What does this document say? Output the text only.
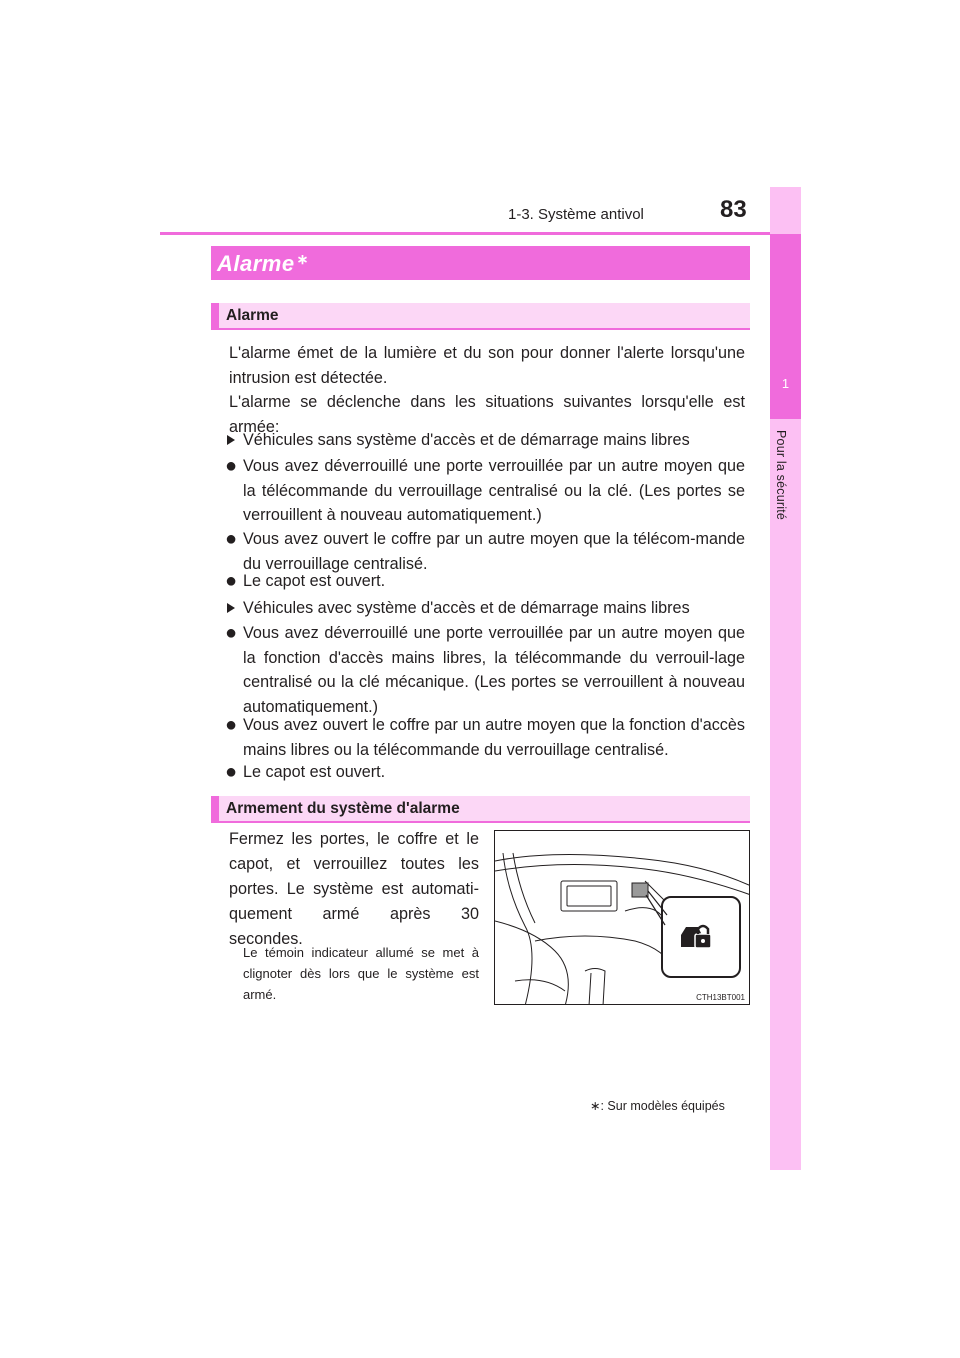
1-3. Système antivol	83
1
Pour la sécurité
Alarme ∗
Alarme
L'alarme émet de la lumière et du son pour donner l'alerte lorsqu'une intrusion est détectée.
L'alarme se déclenche dans les situations suivantes lorsqu'elle est armée:
Véhicules sans système d'accès et de démarrage mains libres
● Vous avez déverrouillé une porte verrouillée par un autre moyen que la télécommande du verrouillage centralisé ou la clé. (Les portes se verrouillent à nouveau automatiquement.)
● Vous avez ouvert le coffre par un autre moyen que la télécom-mande du verrouillage centralisé.
● Le capot est ouvert.
Véhicules avec système d'accès et de démarrage mains libres
● Vous avez déverrouillé une porte verrouillée par un autre moyen que la fonction d'accès mains libres, la télécommande du verrouil-lage centralisé ou la clé mécanique. (Les portes se verrouillent à nouveau automatiquement.)
● Vous avez ouvert le coffre par un autre moyen que la fonction d'accès mains libres ou la télécommande du verrouillage centralisé.
● Le capot est ouvert.
Armement du système d'alarme
Fermez les portes, le coffre et le capot, et verrouillez toutes les portes. Le système est automati-quement armé après 30 secondes.
Le témoin indicateur allumé se met à clignoter dès lors que le système est armé.	CTH13BT001
∗: Sur modèles équipés
